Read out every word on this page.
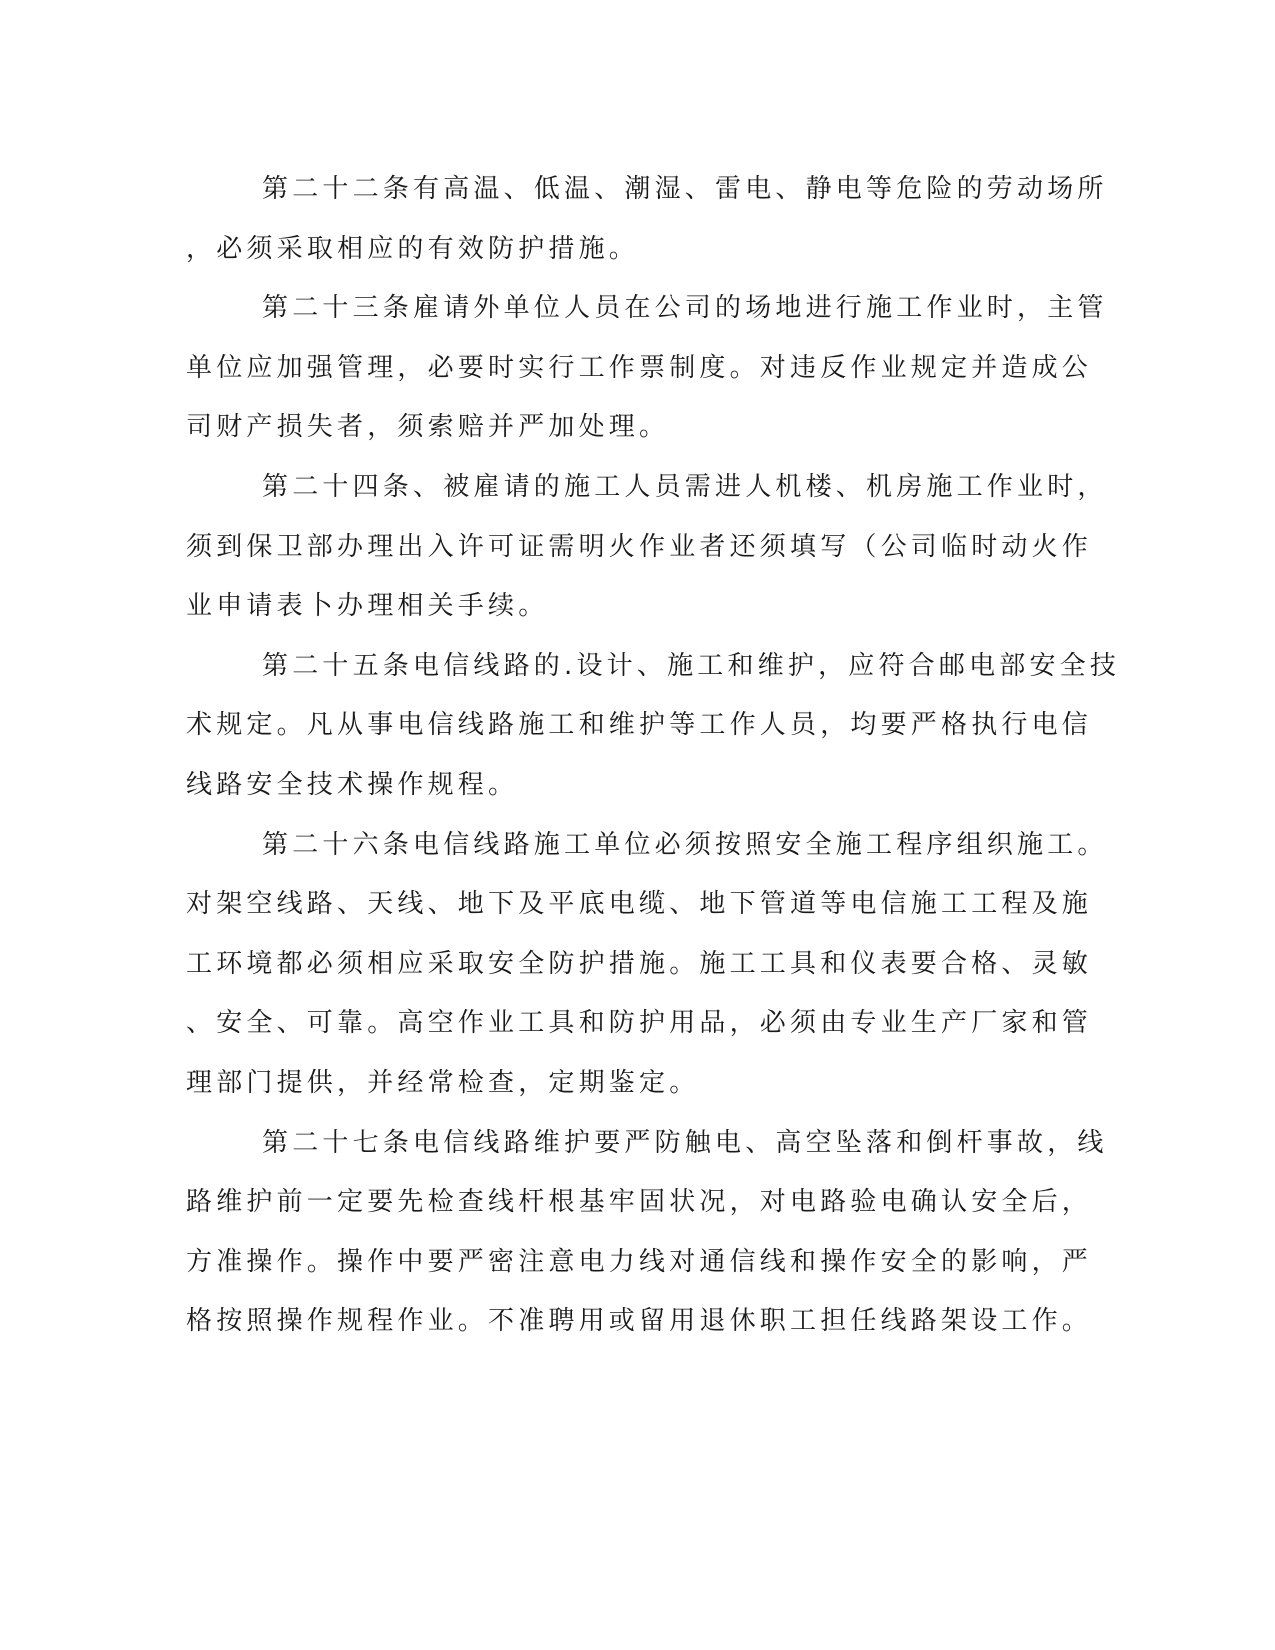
第二十二条有高温、低温、潮湿、雷电、静电等危险的劳动场所
，必须采取相应的有效防护措施。
第二十三条雇请外单位人员在公司的场地进行施工作业时，主管
单位应加强管理，必要时实行工作票制度。对违反作业规定并造成公
司财产损失者，须索赔并严加处理。
第二十四条、被雇请的施工人员需进人机楼、机房施工作业时，
须到保卫部办理出入许可证需明火作业者还须填写（公司临时动火作
业申请表卜办理相关手续。
第二十五条电信线路的.设计、施工和维护，应符合邮电部安全技
术规定。凡从事电信线路施工和维护等工作人员，均要严格执行电信
线路安全技术操作规程。
第二十六条电信线路施工单位必须按照安全施工程序组织施工。
对架空线路、天线、地下及平底电缆、地下管道等电信施工工程及施
工环境都必须相应采取安全防护措施。施工工具和仪表要合格、灵敏
、安全、可靠。高空作业工具和防护用品，必须由专业生产厂家和管
理部门提供，并经常检查，定期鉴定。
第二十七条电信线路维护要严防触电、高空坠落和倒杆事故，线
路维护前一定要先检查线杆根基牢固状况，对电路验电确认安全后，
方准操作。操作中要严密注意电力线对通信线和操作安全的影响，严
格按照操作规程作业。不准聘用或留用退休职工担任线路架设工作。
